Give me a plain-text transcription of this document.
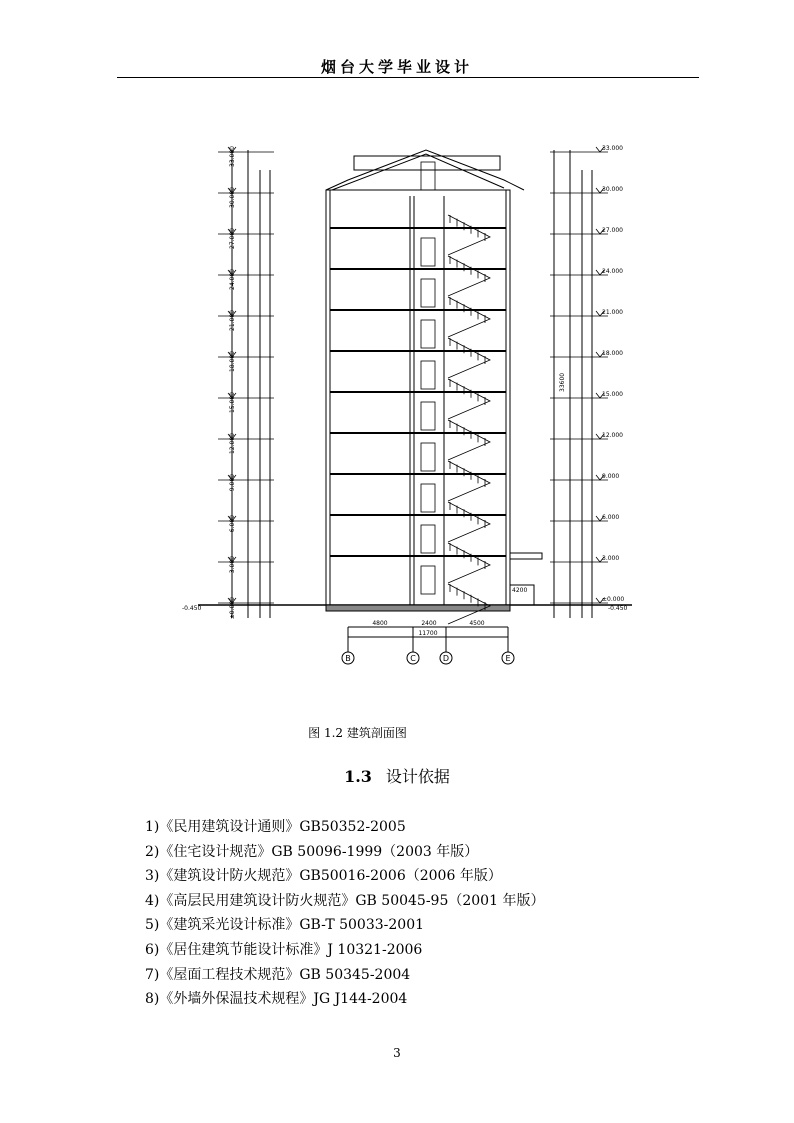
烟台大学毕业设计
33.000
30.000
27.000
24.000
21.000
18.000
15.000
12.000
9.000
6.000
3.000
±0.000
-0.450
33.000
30.000
27.000
24.000
21.000
18.000
15.000
12.000
9.000
6.000
3.000
±0.000
-0.450
33600
4200
4800	2400	4500
11700
B	C	D	E
图 1.2 建筑剖面图
1.3 设计依据
1)《民用建筑设计通则》GB50352-2005
2)《住宅设计规范》GB 50096-1999（2003 年版）
3)《建筑设计防火规范》GB50016-2006（2006 年版）
4)《高层民用建筑设计防火规范》GB 50045-95（2001 年版）
5)《建筑采光设计标准》GB-T 50033-2001
6)《居住建筑节能设计标准》J 10321-2006
7)《屋面工程技术规范》GB 50345-2004
8)《外墙外保温技术规程》JG J144-2004
3
